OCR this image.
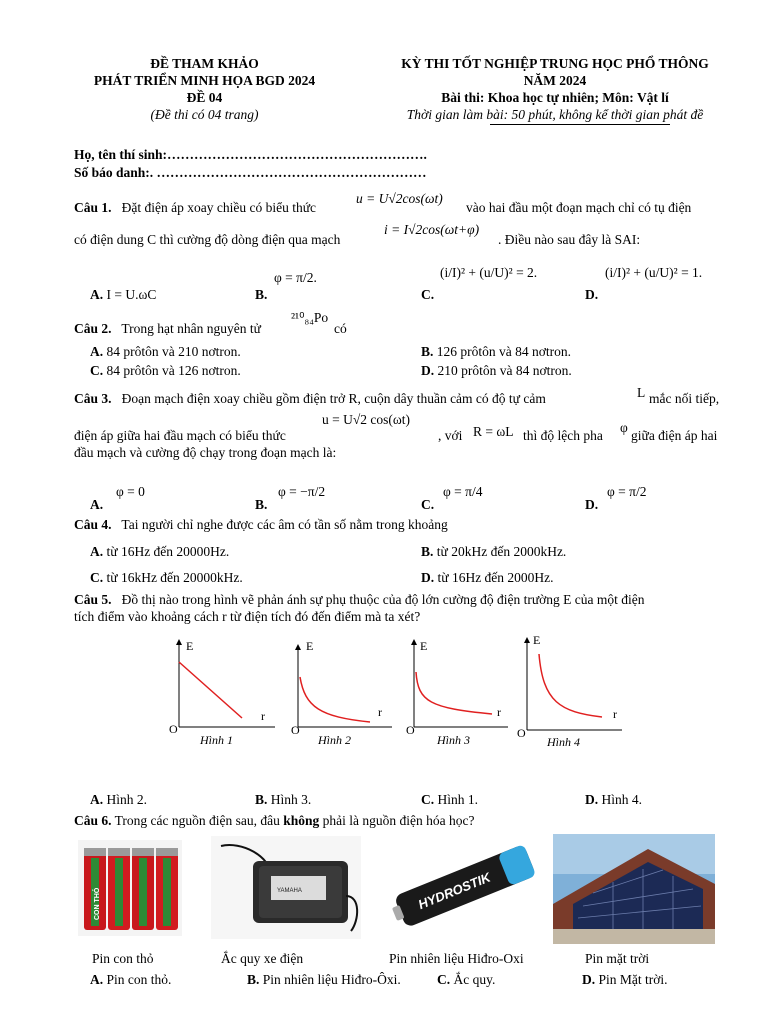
ĐỀ THAM KHẢO
PHÁT TRIỂN MINH HỌA BGD 2024
ĐỀ 04
(Đề thi có 04 trang)
KỲ THI TỐT NGHIỆP TRUNG HỌC PHỔ THÔNG
NĂM 2024
Bài thi: Khoa học tự nhiên; Môn: Vật lí
Thời gian làm bài: 50 phút, không kể thời gian phát đề
Họ, tên thí sinh:………………………………………………….
Số báo danh:. ……………………………………………………
Câu 1. Đặt điện áp xoay chiều có biểu thức
u = U√2cos(ωt)
vào hai đầu một đoạn mạch chỉ có tụ điện
có điện dung C thì cường độ dòng điện qua mạch
i = I√2cos(ωt+φ)
. Điều nào sau đây là SAI:
A. I = U.ωC	B.
φ = π/2.
C.
(i/I)² + (u/U)² = 2.
D.
(i/I)² + (u/U)² = 1.
Câu 2. Trong hạt nhân nguyên tử
²¹⁰₈₄Po
có
A. 84 prôtôn và 210 nơtron.	B. 126 prôtôn và 84 nơtron.
C. 84 prôtôn và 126 nơtron.	D. 210 prôtôn và 84 nơtron.
Câu 3. Đoạn mạch điện xoay chiều gồm điện trở R, cuộn dây thuần cảm có độ tự cảm	L mắc nối tiếp,
u = U√2 cos(ωt)
điện áp giữa hai đầu mạch có biểu thức	, với R = ωL thì độ lệch pha
φ
giữa điện áp hai
đầu mạch và cường độ chạy trong đoạn mạch là:
A.
φ = 0
B.
φ = −π/2
C.
φ = π/4
D.
φ = π/2
Câu 4. Tai người chỉ nghe được các âm có tần số nằm trong khoảng
A. từ 16Hz đến 20000Hz.	B. từ 20kHz đến 2000kHz.
C. từ 16kHz đến 20000kHz.	D. từ 16Hz đến 2000Hz.
Câu 5. Đồ thị nào trong hình vẽ phản ánh sự phụ thuộc của độ lớn cường độ điện trường E của một điện
tích điểm vào khoảng cách r từ điện tích đó đến điểm mà ta xét?
E
r
O
Hình 1
E
r
O
Hình 2
E
r
O
Hình 3
E
r
O
Hình 4
A. Hình 2.	B. Hình 3.	C. Hình 1.	D. Hình 4.
Câu 6. Trong các nguồn điện sau, đâu không phải là nguồn điện hóa học?
CON THỎ	YAMAHA	HYDROSTIK
Pin con thỏ	Ắc quy xe điện	Pin nhiên liệu Hiđro-Oxi	Pin mặt trời
A. Pin con thỏ.	B. Pin nhiên liệu Hiđro-Ôxi.	C. Ắc quy.	D. Pin Mặt trời.
